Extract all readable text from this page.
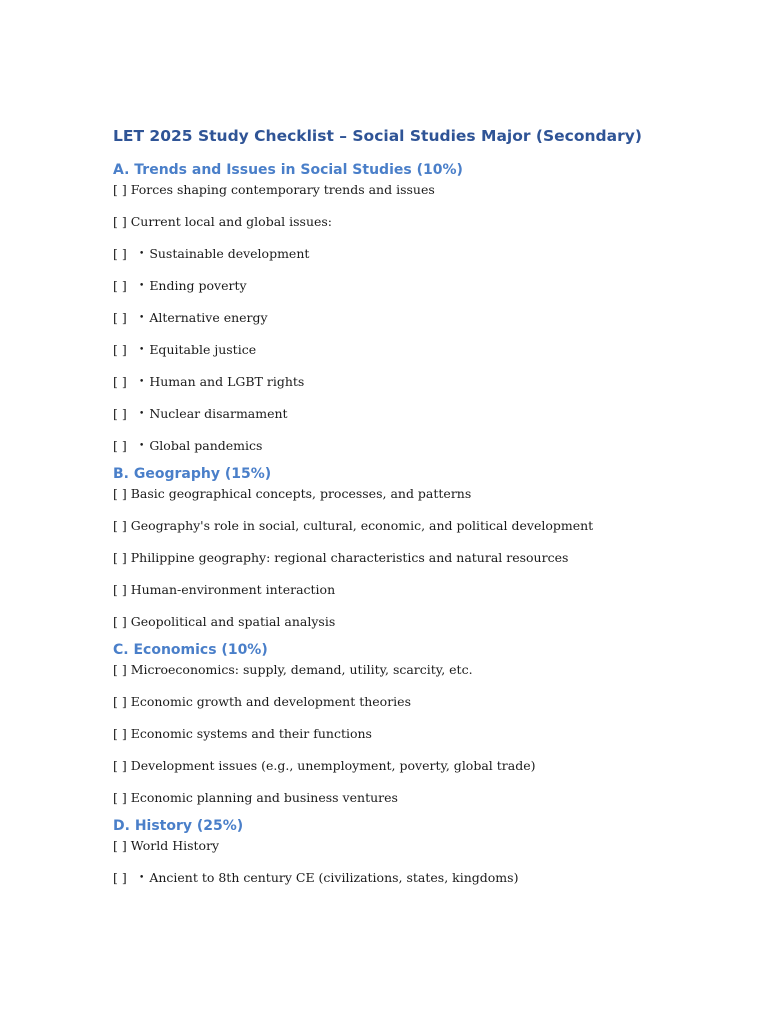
LET 2025 Study Checklist – Social Studies Major (Secondary)
A. Trends and Issues in Social Studies (10%)
[ ] Forces shaping contemporary trends and issues
[ ] Current local and global issues:
[ ]	• Sustainable development
[ ]	• Ending poverty
[ ]	• Alternative energy
[ ]	• Equitable justice
[ ]	• Human and LGBT rights
[ ]	• Nuclear disarmament
[ ]	• Global pandemics
B. Geography (15%)
[ ] Basic geographical concepts, processes, and patterns
[ ] Geography's role in social, cultural, economic, and political development
[ ] Philippine geography: regional characteristics and natural resources
[ ] Human-environment interaction
[ ] Geopolitical and spatial analysis
C. Economics (10%)
[ ] Microeconomics: supply, demand, utility, scarcity, etc.
[ ] Economic growth and development theories
[ ] Economic systems and their functions
[ ] Development issues (e.g., unemployment, poverty, global trade)
[ ] Economic planning and business ventures
D. History (25%)
[ ] World History
[ ]	• Ancient to 8th century CE (civilizations, states, kingdoms)
